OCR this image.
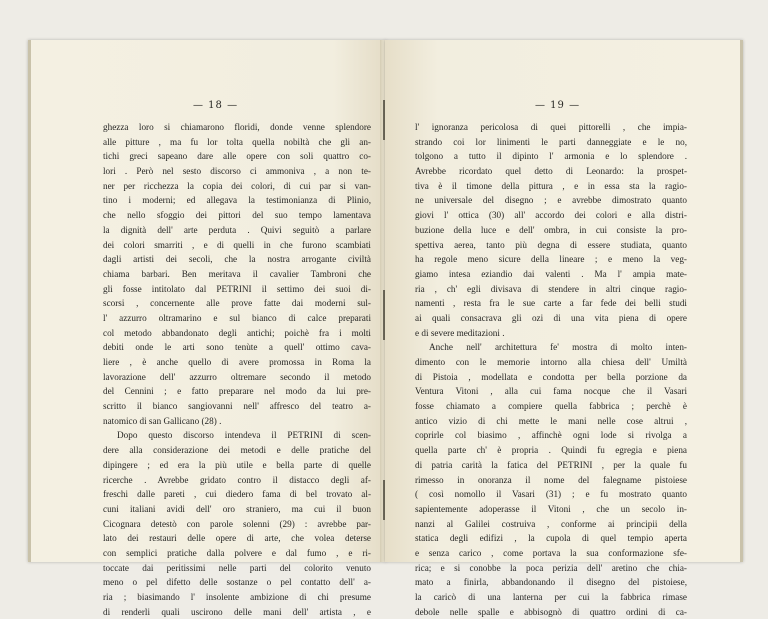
— 18 —
ghezza loro si chiamarono floridi, donde venne splendore
alle pitture , ma fu lor tolta quella nobiltà che gli an-
tichi greci sapeano dare alle opere con soli quattro co-
lori . Però nel sesto discorso ci ammoniva , a non te-
ner per ricchezza la copia dei colori, di cui par si van-
tino i moderni; ed allegava la testimonianza di Plinio,
che nello sfoggio dei pittori del suo tempo lamentava
la dignità dell' arte perduta . Quivi seguitò a parlare
dei colori smarriti , e di quelli in che furono scambiati
dagli artisti dei secoli, che la nostra arrogante civiltà
chiama barbari. Ben meritava il cavalier Tambroni che
gli fosse intitolato dal PETRINI il settimo dei suoi di-
scorsi , concernente alle prove fatte dai moderni sul-
l' azzurro oltramarino e sul bianco di calce preparati
col metodo abbandonato degli antichi; poichè fra i molti
debiti onde le arti sono tenùte a quell' ottimo cava-
liere , è anche quello di avere promossa in Roma la
lavorazione dell' azzurro oltremare secondo il metodo
del Cennini ; e fatto preparare nel modo da lui pre-
scritto il bianco sangiovanni nell' affresco del teatro a-
natomico di san Gallicano (28) .
Dopo questo discorso intendeva il PETRINI di scen-
dere alla considerazione dei metodi e delle pratiche del
dipingere ; ed era la più utile e bella parte di quelle
ricerche . Avrebbe gridato contro il distacco degli af-
freschi dalle pareti , cui diedero fama di bel trovato al-
cuni italiani avidi dell' oro straniero, ma cui il buon
Cicognara detestò con parole solenni (29) : avrebbe par-
lato dei restauri delle opere di arte, che volea deterse
con semplici pratiche dalla polvere e dal fumo , e ri-
toccate dai peritissimi nelle parti del colorito venuto
meno o pel difetto delle sostanze o pel contatto dell' a-
ria ; biasimando l' insolente ambizione di chi presume
di renderli quali uscirono delle mani dell' artista , e
— 19 —
l' ignoranza pericolosa di quei pittorelli , che impia-
strando coi lor linimenti le parti danneggiate e le no,
tolgono a tutto il dipinto l' armonia e lo splendore .
Avrebbe ricordato quel detto di Leonardo: la prospet-
tiva è il timone della pittura , e in essa sta la ragio-
ne universale del disegno ; e avrebbe dimostrato quanto
giovi l' ottica (30) all' accordo dei colori e alla distri-
buzione della luce e dell' ombra, in cui consiste la pro-
spettiva aerea, tanto più degna di essere studiata, quanto
ha regole meno sicure della lineare ; e meno la veg-
giamo intesa eziandio dai valenti . Ma l' ampia mate-
ria , ch' egli divisava di stendere in altri cinque ragio-
namenti , resta fra le sue carte a far fede dei belli studi
ai quali consacrava gli ozi di una vita piena di opere
e di severe meditazioni .
Anche nell' architettura fe' mostra di molto inten-
dimento con le memorie intorno alla chiesa dell' Umiltà
di Pistoia , modellata e condotta per bella porzione da
Ventura Vitoni , alla cui fama nocque che il Vasari
fosse chiamato a compiere quella fabbrica ; perchè è
antico vizio di chi mette le mani nelle cose altrui ,
coprirle col biasimo , affinchè ogni lode si rivolga a
quella parte ch' è propria . Quindi fu egregia e piena
di patria carità la fatica del PETRINI , per la quale fu
rimesso in onoranza il nome del falegname pistoiese
( così nomollo il Vasari (31) ; e fu mostrato quanto
sapientemente adoperasse il Vitoni , che un secolo in-
nanzi al Galilei costruiva , conforme ai principii della
statica degli edifizi , la cupola di quel tempio aperta
e senza carico , come portava la sua conformazione sfe-
rica; e si conobbe la poca perizia dell' aretino che chia-
mato a finirla, abbandonando il disegno del pistoiese,
la caricò di una lanterna per cui la fabbrica rimase
debole nelle spalle e abbisognò di quattro ordini di ca-
